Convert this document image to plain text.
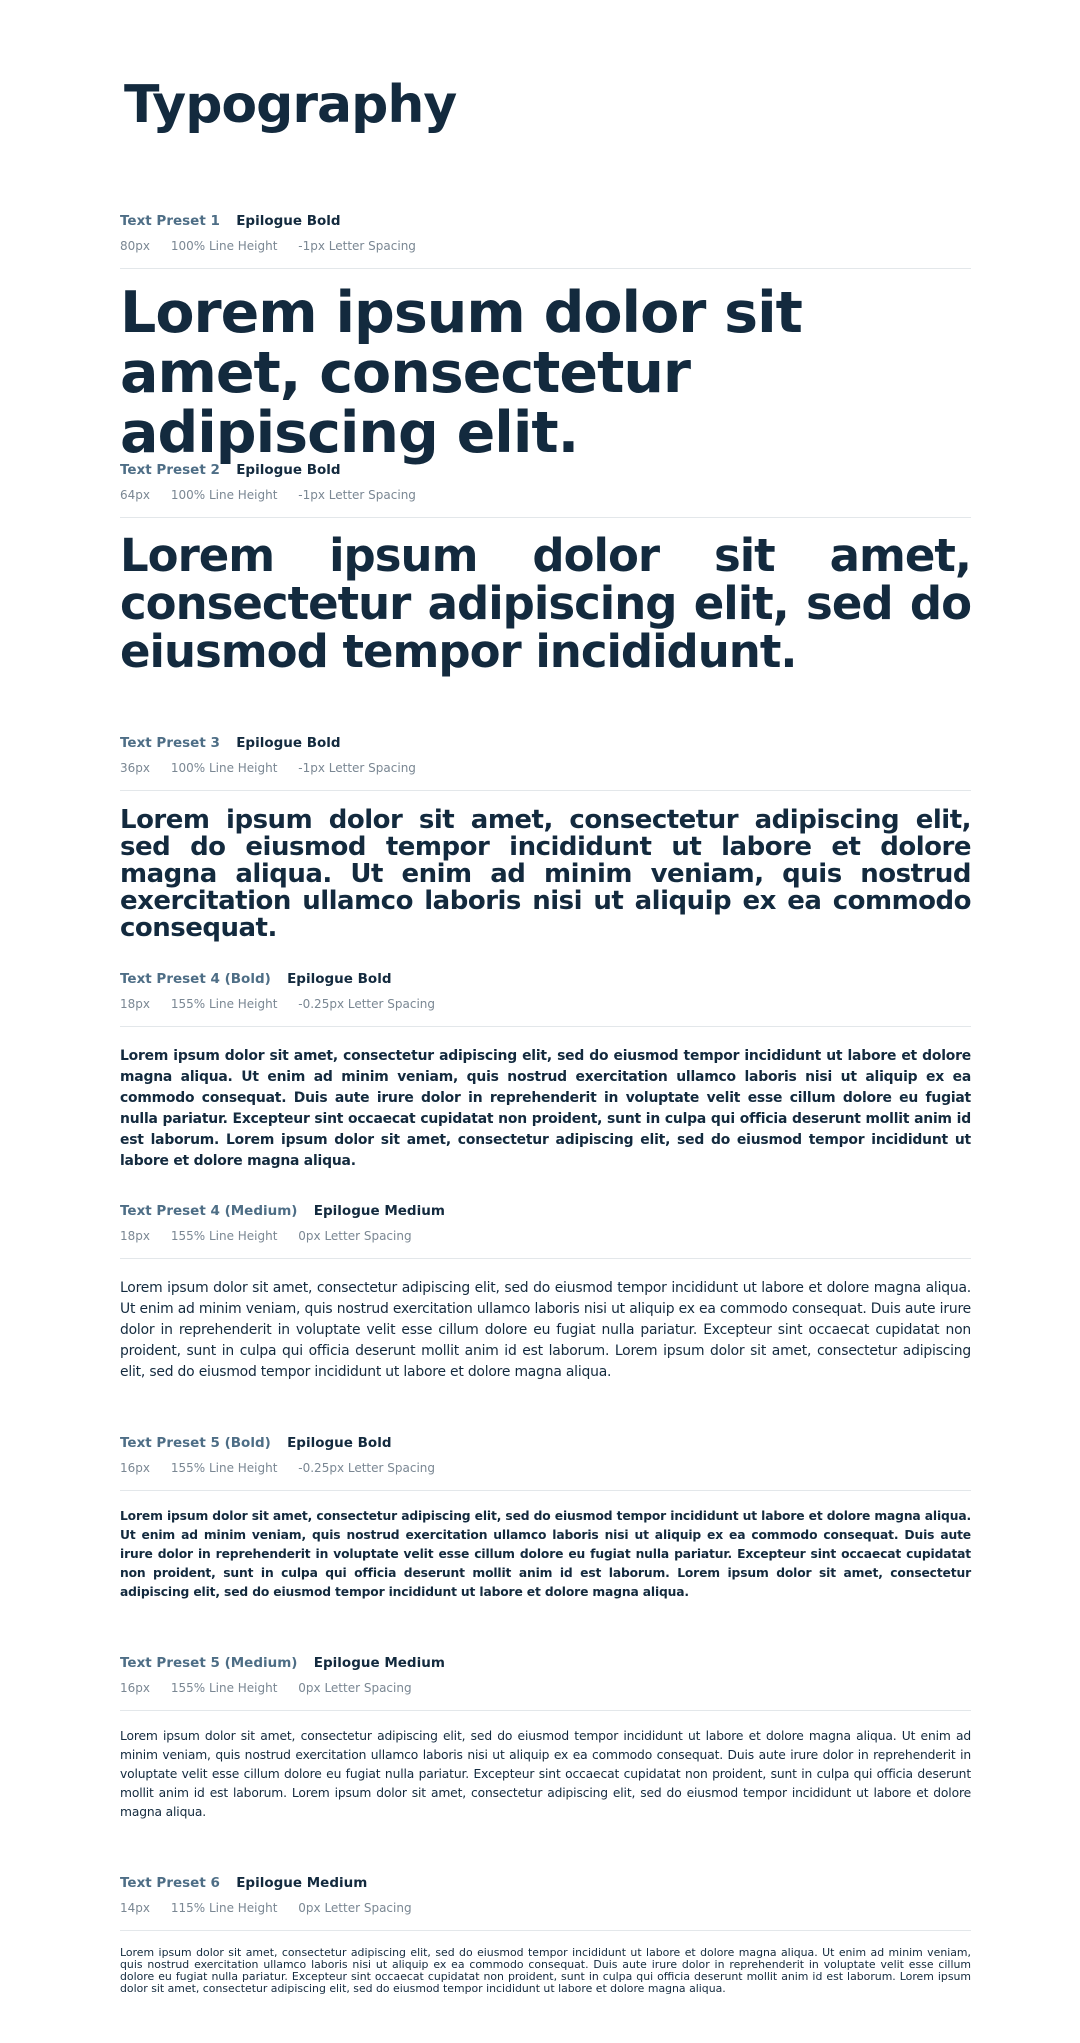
Typography
Text Preset 1 Epilogue Bold
80px 100% Line Height -1px Letter Spacing

Lorem ipsum dolor sit amet, consectetur adipiscing elit.

Text Preset 2 Epilogue Bold
64px 100% Line Height -1px Letter Spacing

Lorem ipsum dolor sit amet, consectetur adipiscing elit, sed do eiusmod tempor incididunt.

Text Preset 3 Epilogue Bold
36px 100% Line Height -1px Letter Spacing

Lorem ipsum dolor sit amet, consectetur adipiscing elit, sed do eiusmod tempor incididunt ut labore et dolore magna aliqua. Ut enim ad minim veniam, quis nostrud exercitation ullamco laboris nisi ut aliquip ex ea commodo consequat.

Text Preset 4 (Bold) Epilogue Bold
18px 155% Line Height -0.25px Letter Spacing

Lorem ipsum dolor sit amet, consectetur adipiscing elit, sed do eiusmod tempor incididunt ut labore et dolore magna aliqua. Ut enim ad minim veniam, quis nostrud exercitation ullamco laboris nisi ut aliquip ex ea commodo consequat. Duis aute irure dolor in reprehenderit in voluptate velit esse cillum dolore eu fugiat nulla pariatur. Excepteur sint occaecat cupidatat non proident, sunt in culpa qui officia deserunt mollit anim id est laborum. Lorem ipsum dolor sit amet, consectetur adipiscing elit, sed do eiusmod tempor incididunt ut labore et dolore magna aliqua.

Text Preset 4 (Medium) Epilogue Medium
18px 155% Line Height 0px Letter Spacing

Lorem ipsum dolor sit amet, consectetur adipiscing elit, sed do eiusmod tempor incididunt ut labore et dolore magna aliqua. Ut enim ad minim veniam, quis nostrud exercitation ullamco laboris nisi ut aliquip ex ea commodo consequat. Duis aute irure dolor in reprehenderit in voluptate velit esse cillum dolore eu fugiat nulla pariatur. Excepteur sint occaecat cupidatat non proident, sunt in culpa qui officia deserunt mollit anim id est laborum. Lorem ipsum dolor sit amet, consectetur adipiscing elit, sed do eiusmod tempor incididunt ut labore et dolore magna aliqua.

Text Preset 5 (Bold) Epilogue Bold
16px 155% Line Height -0.25px Letter Spacing

Lorem ipsum dolor sit amet, consectetur adipiscing elit, sed do eiusmod tempor incididunt ut labore et dolore magna aliqua. Ut enim ad minim veniam, quis nostrud exercitation ullamco laboris nisi ut aliquip ex ea commodo consequat. Duis aute irure dolor in reprehenderit in voluptate velit esse cillum dolore eu fugiat nulla pariatur. Excepteur sint occaecat cupidatat non proident, sunt in culpa qui officia deserunt mollit anim id est laborum. Lorem ipsum dolor sit amet, consectetur adipiscing elit, sed do eiusmod tempor incididunt ut labore et dolore magna aliqua.

Text Preset 5 (Medium) Epilogue Medium
16px 155% Line Height 0px Letter Spacing

Lorem ipsum dolor sit amet, consectetur adipiscing elit, sed do eiusmod tempor incididunt ut labore et dolore magna aliqua. Ut enim ad minim veniam, quis nostrud exercitation ullamco laboris nisi ut aliquip ex ea commodo consequat. Duis aute irure dolor in reprehenderit in voluptate velit esse cillum dolore eu fugiat nulla pariatur. Excepteur sint occaecat cupidatat non proident, sunt in culpa qui officia deserunt mollit anim id est laborum. Lorem ipsum dolor sit amet, consectetur adipiscing elit, sed do eiusmod tempor incididunt ut labore et dolore magna aliqua.

Text Preset 6 Epilogue Medium
14px 115% Line Height 0px Letter Spacing

Lorem ipsum dolor sit amet, consectetur adipiscing elit, sed do eiusmod tempor incididunt ut labore et dolore magna aliqua. Ut enim ad minim veniam, quis nostrud exercitation ullamco laboris nisi ut aliquip ex ea commodo consequat. Duis aute irure dolor in reprehenderit in voluptate velit esse cillum dolore eu fugiat nulla pariatur. Excepteur sint occaecat cupidatat non proident, sunt in culpa qui officia deserunt mollit anim id est laborum. Lorem ipsum dolor sit amet, consectetur adipiscing elit, sed do eiusmod tempor incididunt ut labore et dolore magna aliqua.
